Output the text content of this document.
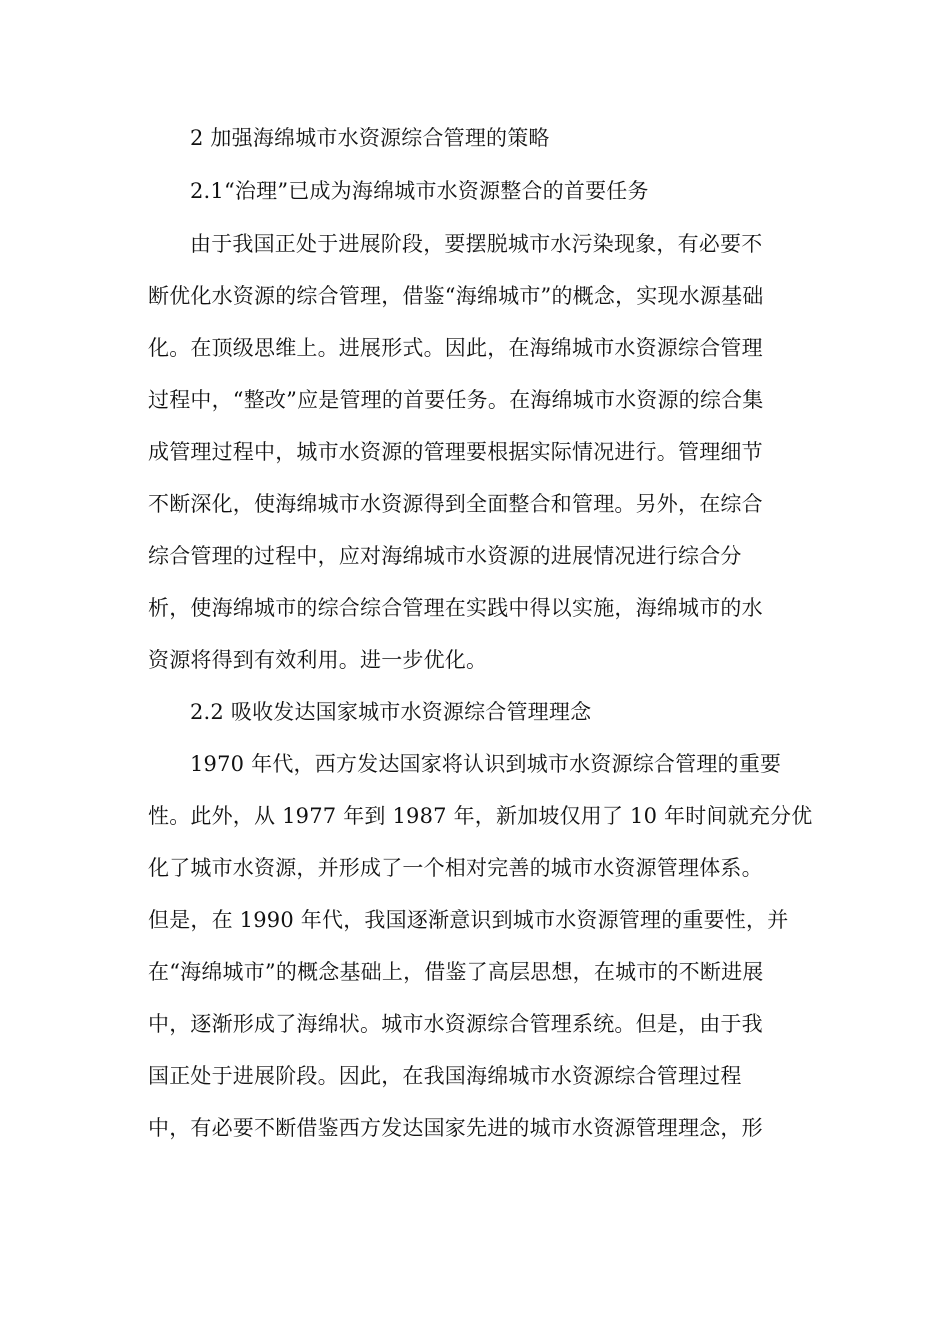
2 加强海绵城市水资源综合管理的策略
2.1“治理”已成为海绵城市水资源整合的首要任务
由于我国正处于进展阶段，要摆脱城市水污染现象，有必要不
断优化水资源的综合管理，借鉴“海绵城市”的概念，实现水源基础
化。在顶级思维上。进展形式。因此，在海绵城市水资源综合管理
过程中，“整改”应是管理的首要任务。在海绵城市水资源的综合集
成管理过程中，城市水资源的管理要根据实际情况进行。管理细节
不断深化，使海绵城市水资源得到全面整合和管理。另外，在综合
综合管理的过程中，应对海绵城市水资源的进展情况进行综合分
析，使海绵城市的综合综合管理在实践中得以实施，海绵城市的水
资源将得到有效利用。进一步优化。
2.2 吸收发达国家城市水资源综合管理理念
1970 年代，西方发达国家将认识到城市水资源综合管理的重要
性。此外，从 1977 年到 1987 年，新加坡仅用了 10 年时间就充分优
化了城市水资源，并形成了一个相对完善的城市水资源管理体系。
但是，在 1990 年代，我国逐渐意识到城市水资源管理的重要性，并
在“海绵城市”的概念基础上，借鉴了高层思想，在城市的不断进展
中，逐渐形成了海绵状。城市水资源综合管理系统。但是，由于我
国正处于进展阶段。因此，在我国海绵城市水资源综合管理过程
中，有必要不断借鉴西方发达国家先进的城市水资源管理理念，形
